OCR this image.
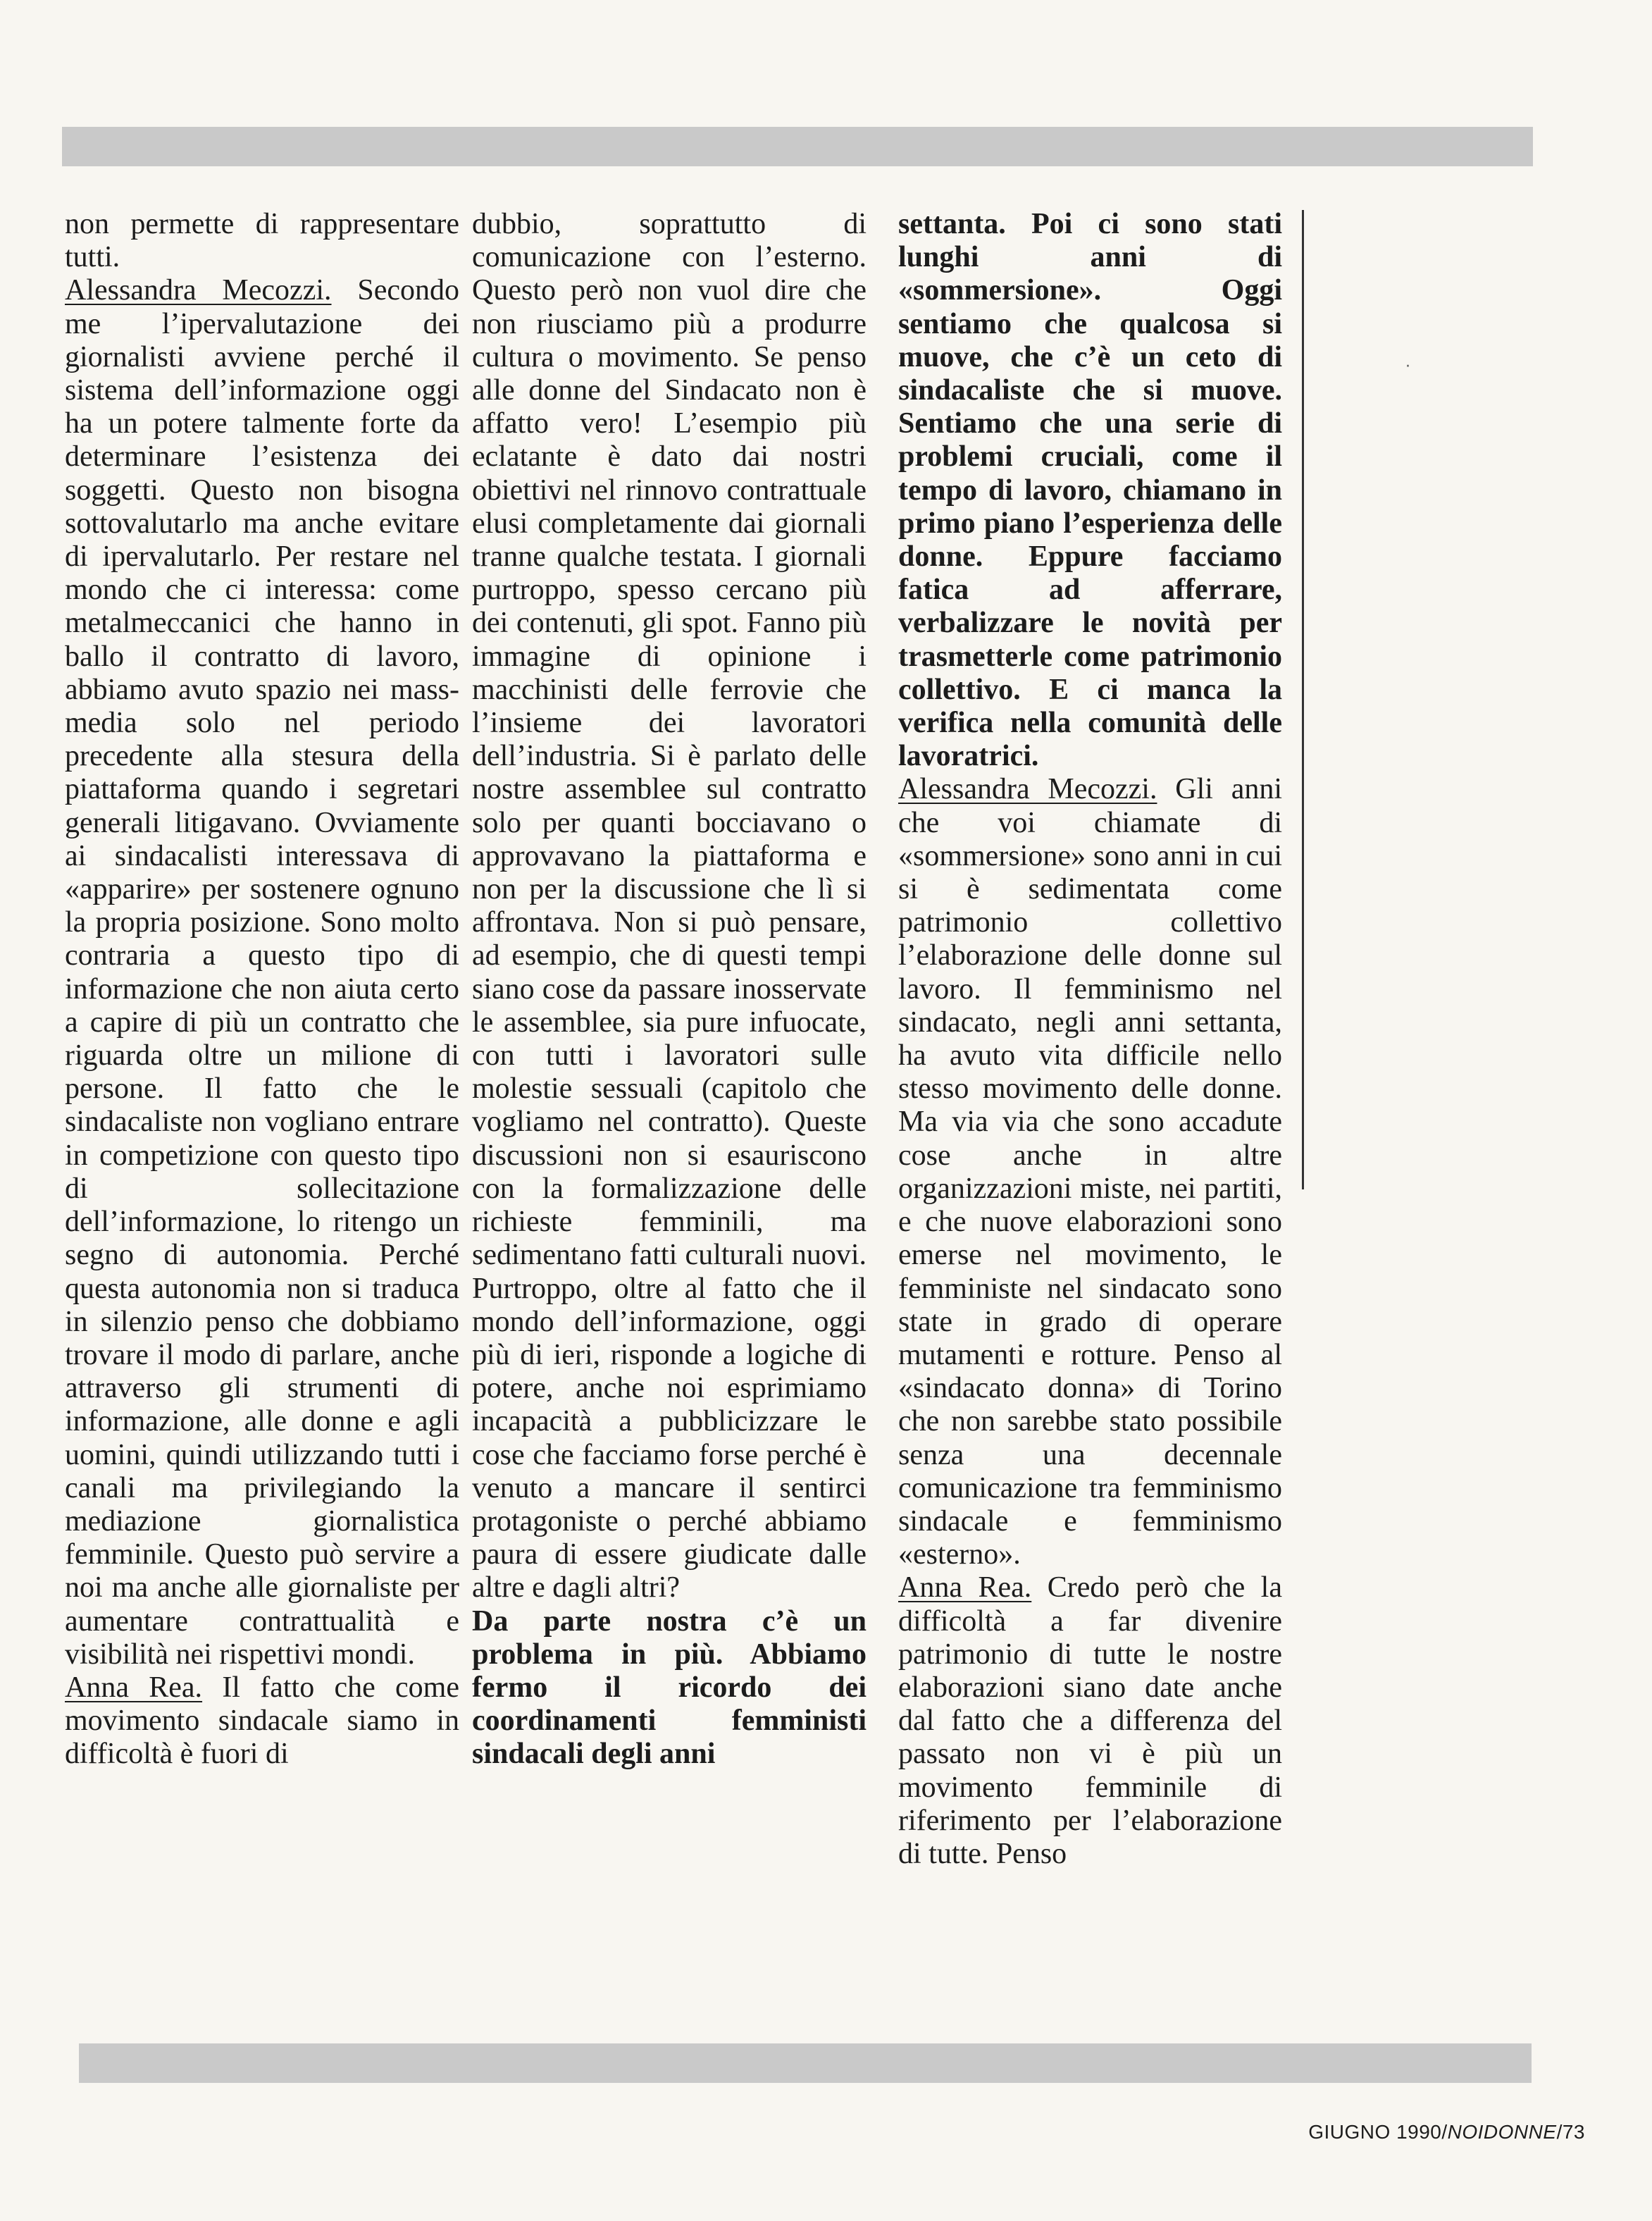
non permette di rappresentare tutti.

Alessandra Mecozzi. Secondo me l’ipervalutazione dei giornalisti avviene perché il sistema dell’informazione oggi ha un potere talmente forte da determinare l’esistenza dei soggetti. Questo non bisogna sottovalutarlo ma anche evitare di ipervalutarlo. Per restare nel mondo che ci interessa: come metalmeccanici che hanno in ballo il contratto di lavoro, abbiamo avuto spazio nei mass-media solo nel periodo precedente alla stesura della piattaforma quando i segretari generali litigavano. Ovviamente ai sindacalisti interessava di «apparire» per sostenere ognuno la propria posizione. Sono molto contraria a questo tipo di informazione che non aiuta certo a capire di più un contratto che riguarda oltre un milione di persone. Il fatto che le sindacaliste non vogliano entrare in competizione con questo tipo di sollecitazione dell’informazione, lo ritengo un segno di autonomia. Perché questa autonomia non si traduca in silenzio penso che dobbiamo trovare il modo di parlare, anche attraverso gli strumenti di informazione, alle donne e agli uomini, quindi utilizzando tutti i canali ma privilegiando la mediazione giornalistica femminile. Questo può servire a noi ma anche alle giornaliste per aumentare contrattualità e visibilità nei rispettivi mondi.

Anna Rea. Il fatto che come movimento sindacale siamo in difficoltà è fuori di

dubbio, soprattutto di comunicazione con l’esterno. Questo però non vuol dire che non riusciamo più a produrre cultura o movimento. Se penso alle donne del Sindacato non è affatto vero! L’esempio più eclatante è dato dai nostri obiettivi nel rinnovo contrattuale elusi completamente dai giornali tranne qualche testata. I giornali purtroppo, spesso cercano più dei contenuti, gli spot. Fanno più immagine di opinione i macchinisti delle ferrovie che l’insieme dei lavoratori dell’industria. Si è parlato delle nostre assemblee sul contratto solo per quanti bocciavano o approvavano la piattaforma e non per la discussione che lì si affrontava. Non si può pensare, ad esempio, che di questi tempi siano cose da passare inosservate le assemblee, sia pure infuocate, con tutti i lavoratori sulle molestie sessuali (capitolo che vogliamo nel contratto). Queste discussioni non si esauriscono con la formalizzazione delle richieste femminili, ma sedimentano fatti culturali nuovi. Purtroppo, oltre al fatto che il mondo dell’informazione, oggi più di ieri, risponde a logiche di potere, anche noi esprimiamo incapacità a pubblicizzare le cose che facciamo forse perché è venuto a mancare il sentirci protagoniste o perché abbiamo paura di essere giudicate dalle altre e dagli altri?

Da parte nostra c’è un problema in più. Abbiamo fermo il ricordo dei coordinamenti femministi sindacali degli anni

settanta. Poi ci sono stati lunghi anni di «sommersione». Oggi sentiamo che qualcosa si muove, che c’è un ceto di sindacaliste che si muove. Sentiamo che una serie di problemi cruciali, come il tempo di lavoro, chiamano in primo piano l’esperienza delle donne. Eppure facciamo fatica ad afferrare, verbalizzare le novità per trasmetterle come patrimonio collettivo. E ci manca la verifica nella comunità delle lavoratrici.

Alessandra Mecozzi. Gli anni che voi chiamate di «sommersione» sono anni in cui si è sedimentata come patrimonio collettivo l’elaborazione delle donne sul lavoro. Il femminismo nel sindacato, negli anni settanta, ha avuto vita difficile nello stesso movimento delle donne. Ma via via che sono accadute cose anche in altre organizzazioni miste, nei partiti, e che nuove elaborazioni sono emerse nel movimento, le femministe nel sindacato sono state in grado di operare mutamenti e rotture. Penso al «sindacato donna» di Torino che non sarebbe stato possibile senza una decennale comunicazione tra femminismo sindacale e femminismo «esterno».

Anna Rea. Credo però che la difficoltà a far divenire patrimonio di tutte le nostre elaborazioni siano date anche dal fatto che a differenza del passato non vi è più un movimento femminile di riferimento per l’elaborazione di tutte. Penso

·
GIUGNO 1990/NOIDONNE/73
